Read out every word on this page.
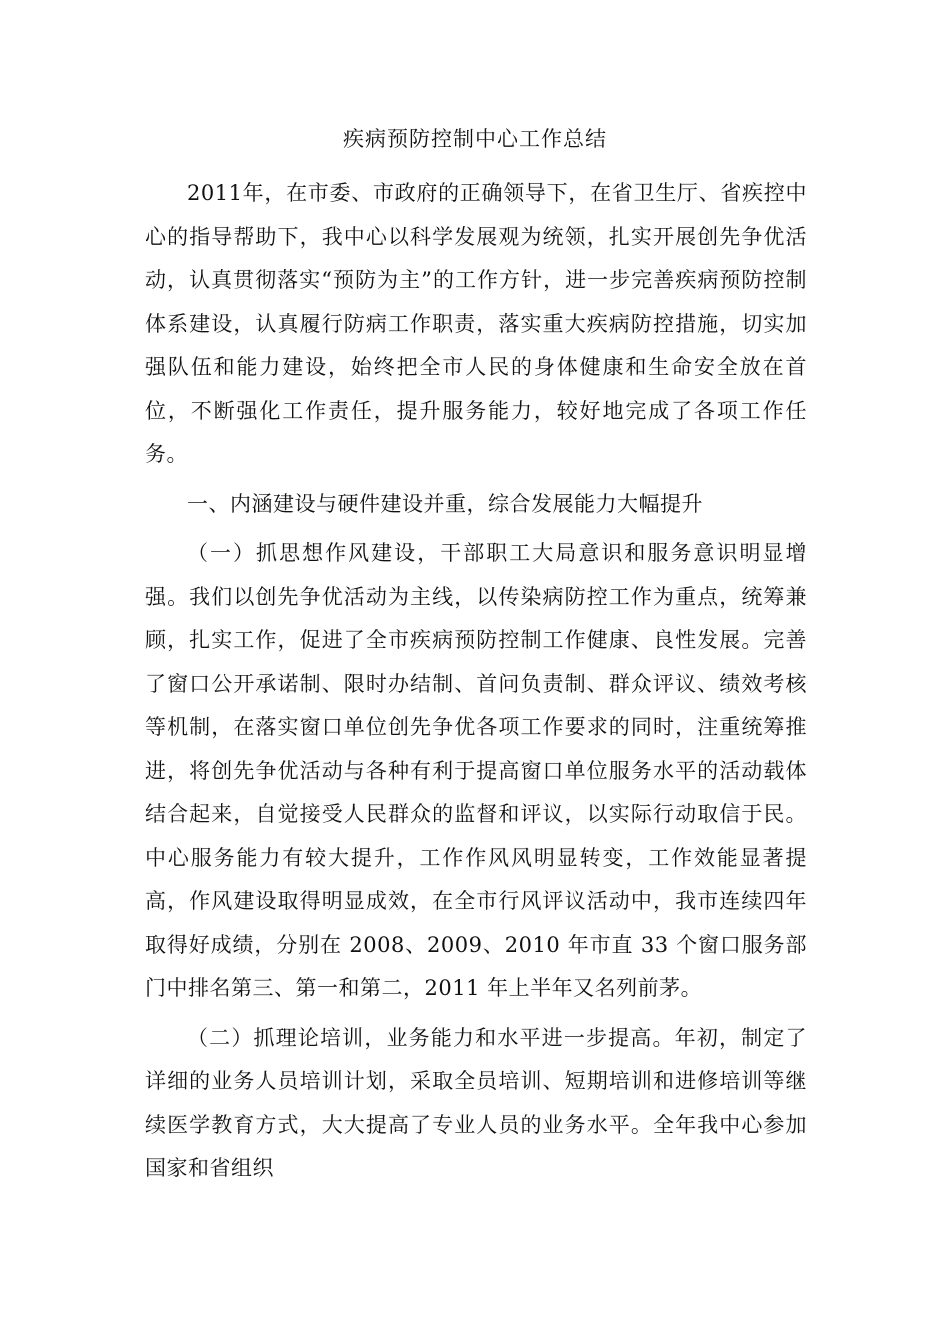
疾病预防控制中心工作总结

2011年，在市委、市政府的正确领导下，在省卫生厅、省疾控中心的指导帮助下，我中心以科学发展观为统领，扎实开展创先争优活动，认真贯彻落实“预防为主”的工作方针，进一步完善疾病预防控制体系建设，认真履行防病工作职责，落实重大疾病防控措施，切实加强队伍和能力建设，始终把全市人民的身体健康和生命安全放在首位，不断强化工作责任，提升服务能力，较好地完成了各项工作任务。

一、内涵建设与硬件建设并重，综合发展能力大幅提升

（一）抓思想作风建设，干部职工大局意识和服务意识明显增强。我们以创先争优活动为主线，以传染病防控工作为重点，统筹兼顾，扎实工作，促进了全市疾病预防控制工作健康、良性发展。完善了窗口公开承诺制、限时办结制、首问负责制、群众评议、绩效考核等机制，在落实窗口单位创先争优各项工作要求的同时，注重统筹推进，将创先争优活动与各种有利于提高窗口单位服务水平的活动载体结合起来，自觉接受人民群众的监督和评议，以实际行动取信于民。中心服务能力有较大提升，工作作风风明显转变，工作效能显著提高，作风建设取得明显成效，在全市行风评议活动中，我市连续四年取得好成绩，分别在 2008、2009、2010 年市直 33 个窗口服务部门中排名第三、第一和第二，2011 年上半年又名列前茅。

（二）抓理论培训，业务能力和水平进一步提高。年初，制定了详细的业务人员培训计划，采取全员培训、短期培训和进修培训等继续医学教育方式，大大提高了专业人员的业务水平。全年我中心参加国家和省组织
